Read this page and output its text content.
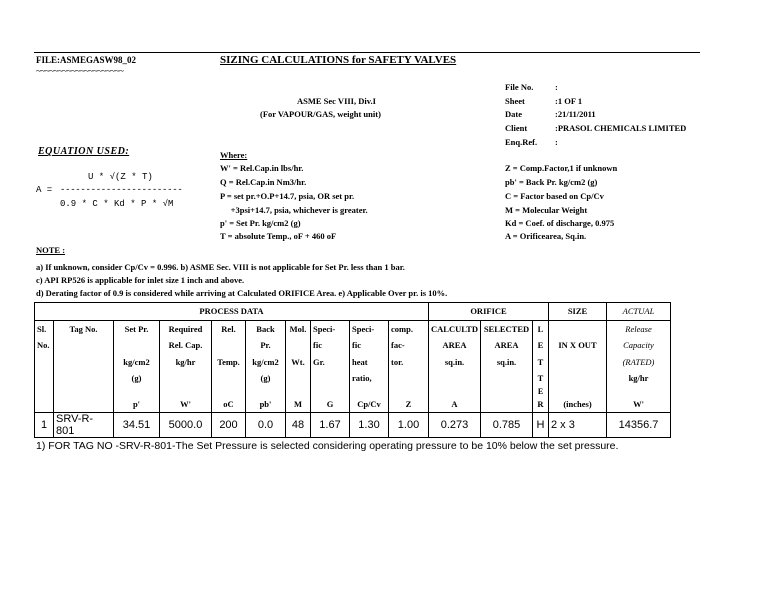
FILE:ASMEGASW98_02
~~~~~~~~~~~~~~~~~~~~
SIZING CALCULATIONS for SAFETY VALVES
File No.	:
Sheet	:1 OF 1
Date	:21/11/2011
Client	:PRASOL CHEMICALS LIMITED
Enq.Ref. :
ASME Sec VIII, Div.I
(For VAPOUR/GAS, weight unit)
EQUATION USED:
U * √(Z * T)
A = ------------------------
0.9 * C * Kd * P * √M
Where:
W' = Rel.Cap.in lbs/hr.
Q = Rel.Cap.in Nm3/hr.
P = set pr.+O.P+14.7, psia, OR set pr.
+3psi+14.7, psia, whichever is greater.
p' = Set Pr. kg/cm2 (g)
T = absolute Temp., oF + 460 oF
Z = Comp.Factor,1 if unknown
pb' = Back Pr. kg/cm2 (g)
C = Factor based on Cp/Cv
M = Molecular Weight
Kd = Coef. of discharge, 0.975
A = Orificearea, Sq.in.
NOTE :
a) If unknown, consider Cp/Cv = 0.996. b) ASME Sec. VIII is not applicable for Set Pr. less than 1 bar.
c) API RP526 is applicable for inlet size 1 inch and above.
d) Derating factor of 0.9 is considered while arriving at Calculated ORIFICE Area. e) Applicable Over pr. is 10%.
PROCESS DATA										ORIFICE			SIZE	ACTUAL
Sl.	Tag No.	Set Pr.	Required	Rel.	Back	Mol.	Speci-	Speci-	comp.	CALCULTD	SELECTED	L		Release
No.			Rel. Cap.		Pr.		fic	fic	fac-	AREA	AREA	E	IN X OUT	Capacity
		kg/cm2	kg/hr	Temp.	kg/cm2	Wt.	Gr.	heat	tor.	sq.in.	sq.in.	T		(RATED)
		(g)			(g)			ratio,				T		kg/hr
												E		
		p'	W'	oC	pb'	M	G	Cp/Cv	Z	A		R	(inches)	W'
1	SRV-R-801	34.51	5000.0	200	0.0	48	1.67	1.30	1.00	0.273	0.785	H	2 x 3	14356.7
1) FOR TAG NO -SRV-R-801-The Set Pressure is selected considering operating pressure to be 10% below the set pressure.
